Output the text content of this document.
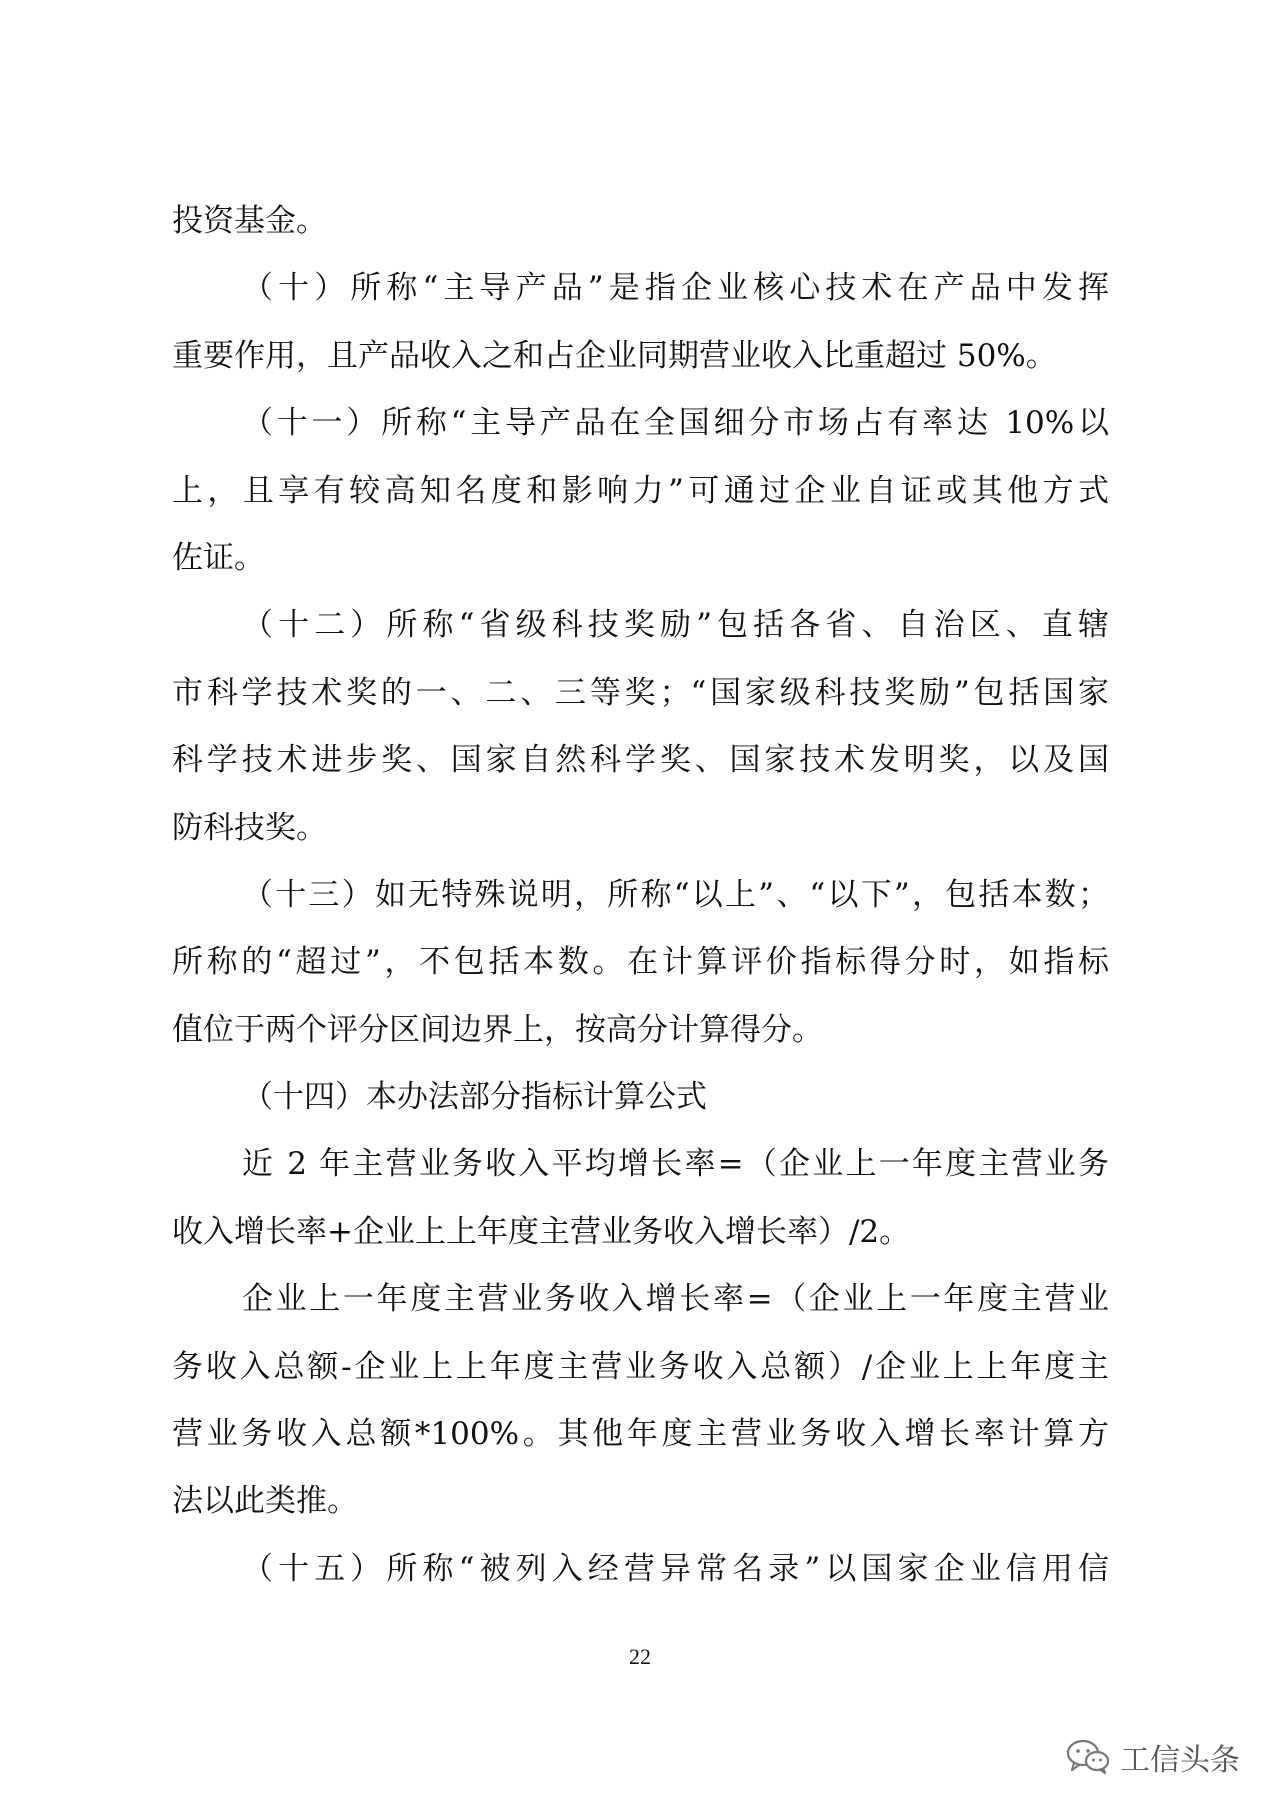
投资基金。
（十）所称“主导产品”是指企业核心技术在产品中发挥
重要作用，且产品收入之和占企业同期营业收入比重超过 50%。
（十一）所称“主导产品在全国细分市场占有率达 10%以
上，且享有较高知名度和影响力”可通过企业自证或其他方式
佐证。
（十二）所称“省级科技奖励”包括各省、自治区、直辖
市科学技术奖的一、二、三等奖；“国家级科技奖励”包括国家
科学技术进步奖、国家自然科学奖、国家技术发明奖，以及国
防科技奖。
（十三）如无特殊说明，所称“以上”、“以下”，包括本数；
所称的“超过”，不包括本数。在计算评价指标得分时，如指标
值位于两个评分区间边界上，按高分计算得分。
（十四）本办法部分指标计算公式
近 2 年主营业务收入平均增长率=（企业上一年度主营业务
收入增长率+企业上上年度主营业务收入增长率）/2。
企业上一年度主营业务收入增长率=（企业上一年度主营业
务收入总额-企业上上年度主营业务收入总额）/企业上上年度主
营业务收入总额*100%。其他年度主营业务收入增长率计算方
法以此类推。
（十五）所称“被列入经营异常名录”以国家企业信用信
22
工信头条
